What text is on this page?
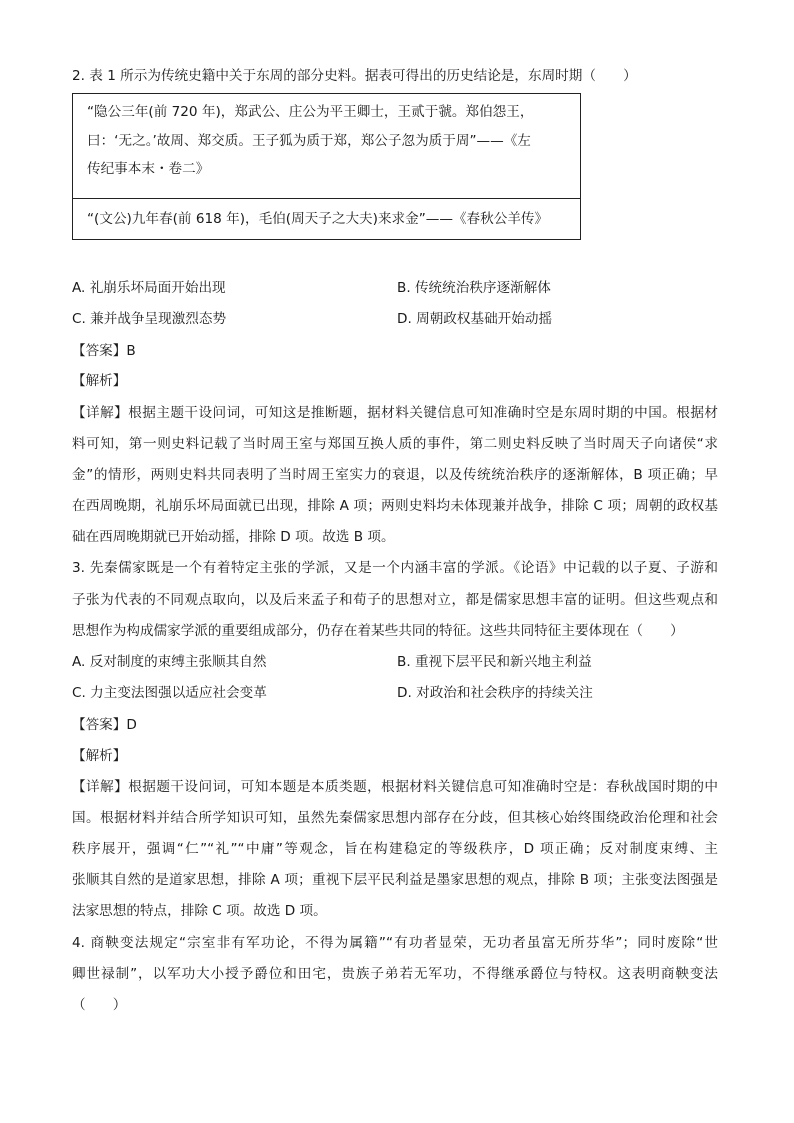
2. 表 1 所示为传统史籍中关于东周的部分史料。据表可得出的历史结论是，东周时期（　　）
“隐公三年(前 720 年)，郑武公、庄公为平王卿士，王贰于虢。郑伯怨王，
曰：‘无之。’故周、郑交质。王子狐为质于郑，郑公子忽为质于周”——《左
传纪事本末・卷二》

“(文公)九年春(前 618 年)，毛伯(周天子之大夫)来求金”——《春秋公羊传》
A. 礼崩乐坏局面开始出现	B. 传统统治秩序逐渐解体
C. 兼并战争呈现激烈态势	D. 周朝政权基础开始动摇
【答案】B
【解析】
【详解】根据主题干设问词，可知这是推断题，据材料关键信息可知准确时空是东周时期的中国。根据材
料可知，第一则史料记载了当时周王室与郑国互换人质的事件，第二则史料反映了当时周天子向诸侯“求
金”的情形，两则史料共同表明了当时周王室实力的衰退，以及传统统治秩序的逐渐解体，B 项正确；早
在西周晚期，礼崩乐坏局面就已出现，排除 A 项；两则史料均未体现兼并战争，排除 C 项；周朝的政权基
础在西周晚期就已开始动摇，排除 D 项。故选 B 项。
3. 先秦儒家既是一个有着特定主张的学派，又是一个内涵丰富的学派。《论语》中记载的以子夏、子游和
子张为代表的不同观点取向，以及后来孟子和荀子的思想对立，都是儒家思想丰富的证明。但这些观点和
思想作为构成儒家学派的重要组成部分，仍存在着某些共同的特征。这些共同特征主要体现在（　　）
A. 反对制度的束缚主张顺其自然	B. 重视下层平民和新兴地主利益
C. 力主变法图强以适应社会变革	D. 对政治和社会秩序的持续关注
【答案】D
【解析】
【详解】根据题干设问词，可知本题是本质类题，根据材料关键信息可知准确时空是：春秋战国时期的中
国。根据材料并结合所学知识可知，虽然先秦儒家思想内部存在分歧，但其核心始终围绕政治伦理和社会
秩序展开，强调“仁”“礼”“中庸”等观念，旨在构建稳定的等级秩序，D 项正确；反对制度束缚、主
张顺其自然的是道家思想，排除 A 项；重视下层平民利益是墨家思想的观点，排除 B 项；主张变法图强是
法家思想的特点，排除 C 项。故选 D 项。
4. 商鞅变法规定“宗室非有军功论，不得为属籍”“有功者显荣，无功者虽富无所芬华”；同时废除“世
卿世禄制”，以军功大小授予爵位和田宅，贵族子弟若无军功，不得继承爵位与特权。这表明商鞅变法
（　　）
